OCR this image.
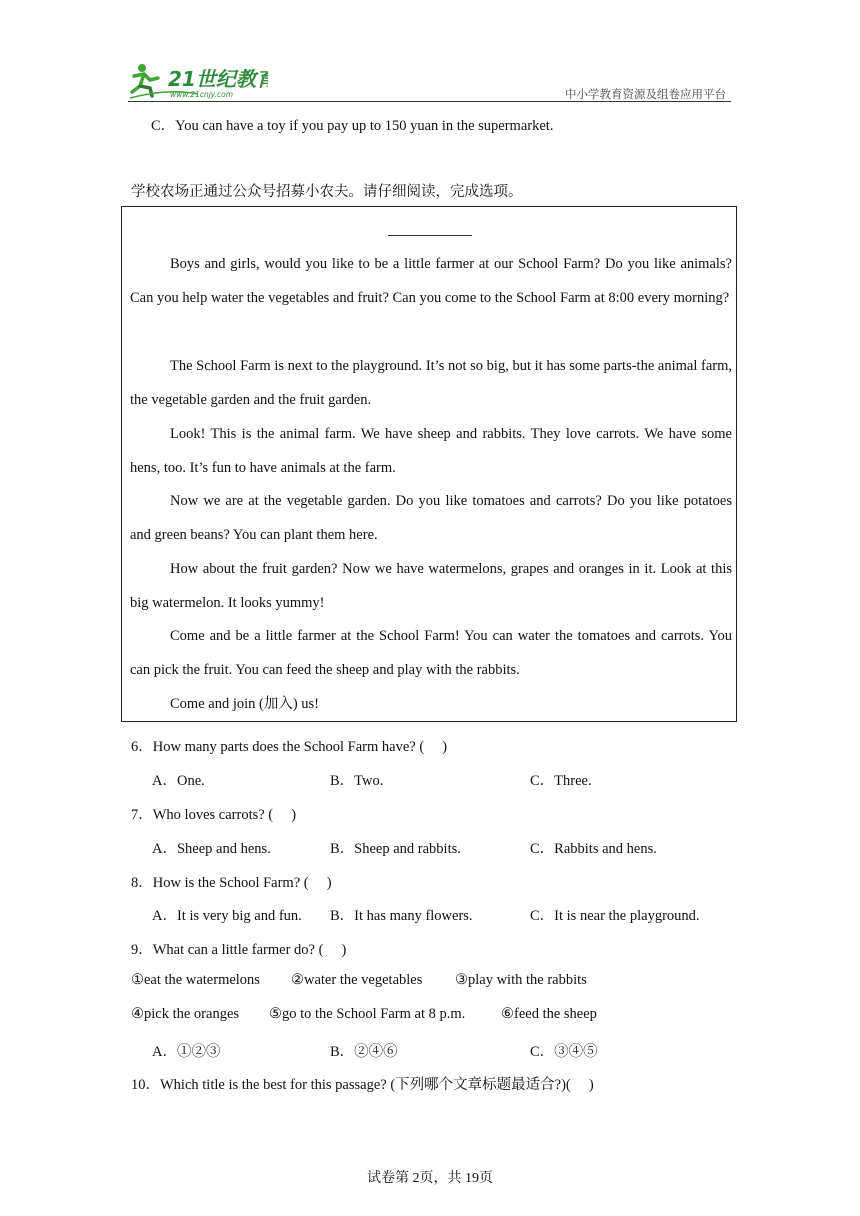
21世纪教育
www.21cnjy.com	中小学教育资源及组卷应用平台
C．You can have a toy if you pay up to 150 yuan in the supermarket.
学校农场正通过公众号招募小农夫。请仔细阅读，完成选项。
Boys and girls, would you like to be a little farmer at our School Farm? Do you like animals? Can you help water the vegetables and fruit? Can you come to the School Farm at 8:00 every morning?
The School Farm is next to the playground. It’s not so big, but it has some parts-the animal farm, the vegetable garden and the fruit garden.
Look! This is the animal farm. We have sheep and rabbits. They love carrots. We have some hens, too. It’s fun to have animals at the farm.
Now we are at the vegetable garden. Do you like tomatoes and carrots? Do you like potatoes and green beans? You can plant them here.
How about the fruit garden? Now we have watermelons, grapes and oranges in it. Look at this big watermelon. It looks yummy!
Come and be a little farmer at the School Farm! You can water the tomatoes and carrots. You can pick the fruit. You can feed the sheep and play with the rabbits.
Come and join (加入) us!
6．How many parts does the School Farm have? (　 )
A．One.	B．Two.	C．Three.
7．Who loves carrots? (　 )
A．Sheep and hens.	B．Sheep and rabbits.	C．Rabbits and hens.
8．How is the School Farm? (　 )
A．It is very big and fun. B．It has many flowers.	C．It is near the playground.
9．What can a little farmer do? (　 )
①eat the watermelons ②water the vegetables ③play with the rabbits
④pick the oranges ⑤go to the School Farm at 8 p.m. ⑥feed the sheep
A．①②③	B．②④⑥	C．③④⑤
10．Which title is the best for this passage? (下列哪个文章标题最适合?)(　 )
试卷第 2页，共 19页
